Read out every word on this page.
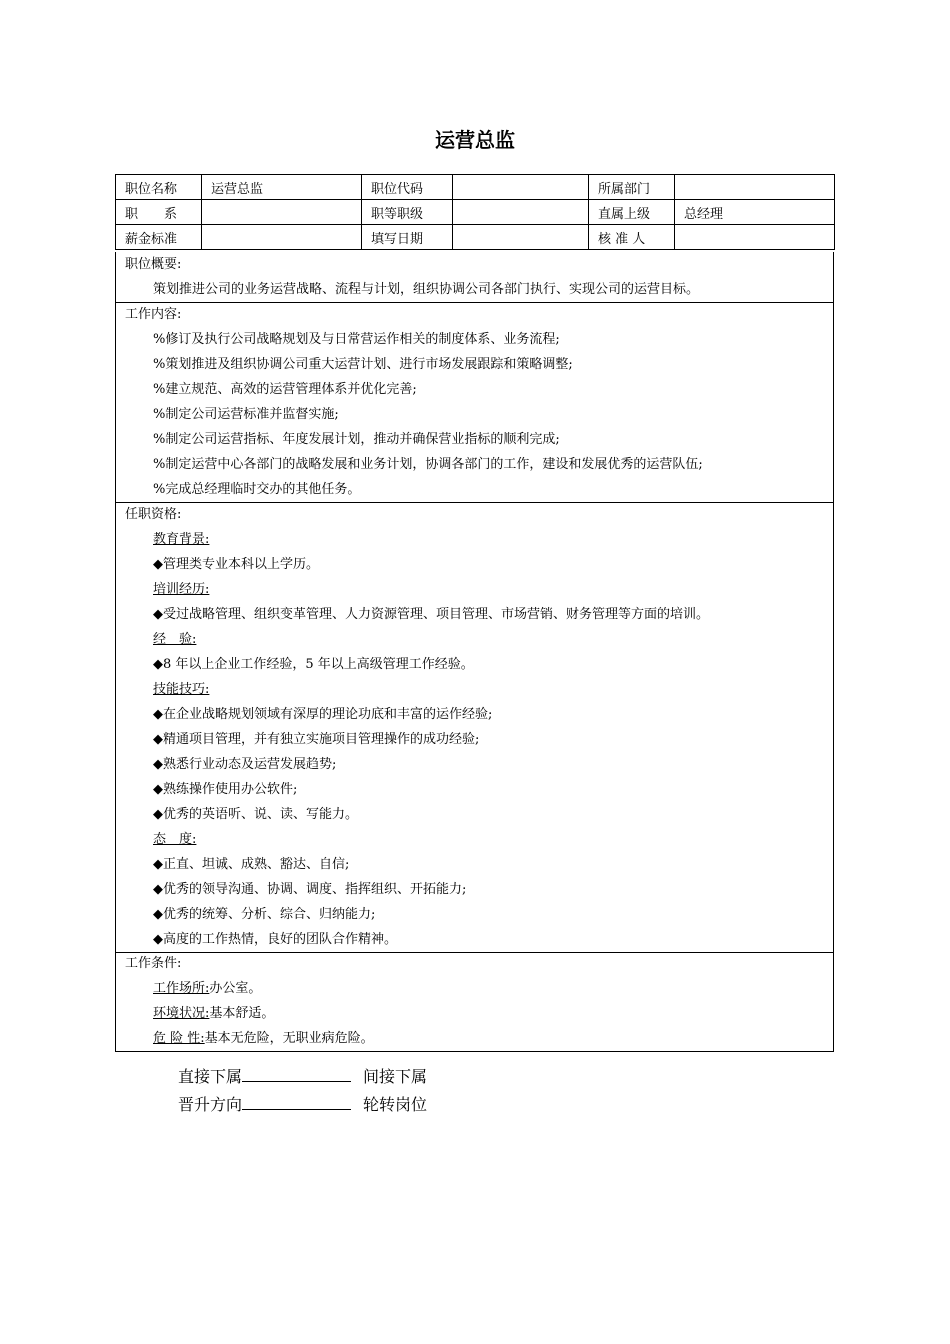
运营总监
职位名称	运营总监	职位代码		所属部门	
职　　系		职等职级		直属上级	总经理
薪金标准		填写日期		核 准 人	
职位概要:
策划推进公司的业务运营战略、流程与计划，组织协调公司各部门执行、实现公司的运营目标。
工作内容:
%修订及执行公司战略规划及与日常营运作相关的制度体系、业务流程;
%策划推进及组织协调公司重大运营计划、进行市场发展跟踪和策略调整;
%建立规范、高效的运营管理体系并优化完善;
%制定公司运营标准并监督实施;
%制定公司运营指标、年度发展计划，推动并确保营业指标的顺利完成;
%制定运营中心各部门的战略发展和业务计划，协调各部门的工作，建设和发展优秀的运营队伍;
%完成总经理临时交办的其他任务。
任职资格:
教育背景:
◆管理类专业本科以上学历。
培训经历:
◆受过战略管理、组织变革管理、人力资源管理、项目管理、市场营销、财务管理等方面的培训。
经　验:
◆8 年以上企业工作经验，5 年以上高级管理工作经验。
技能技巧:
◆在企业战略规划领域有深厚的理论功底和丰富的运作经验;
◆精通项目管理，并有独立实施项目管理操作的成功经验;
◆熟悉行业动态及运营发展趋势;
◆熟练操作使用办公软件;
◆优秀的英语听、说、读、写能力。
态　度:
◆正直、坦诚、成熟、豁达、自信;
◆优秀的领导沟通、协调、调度、指挥组织、开拓能力;
◆优秀的统筹、分析、综合、归纳能力;
◆高度的工作热情，良好的团队合作精神。
工作条件:
工作场所:办公室。
环境状况:基本舒适。
危 险 性:基本无危险，无职业病危险。
直接下属	间接下属
晋升方向	轮转岗位
